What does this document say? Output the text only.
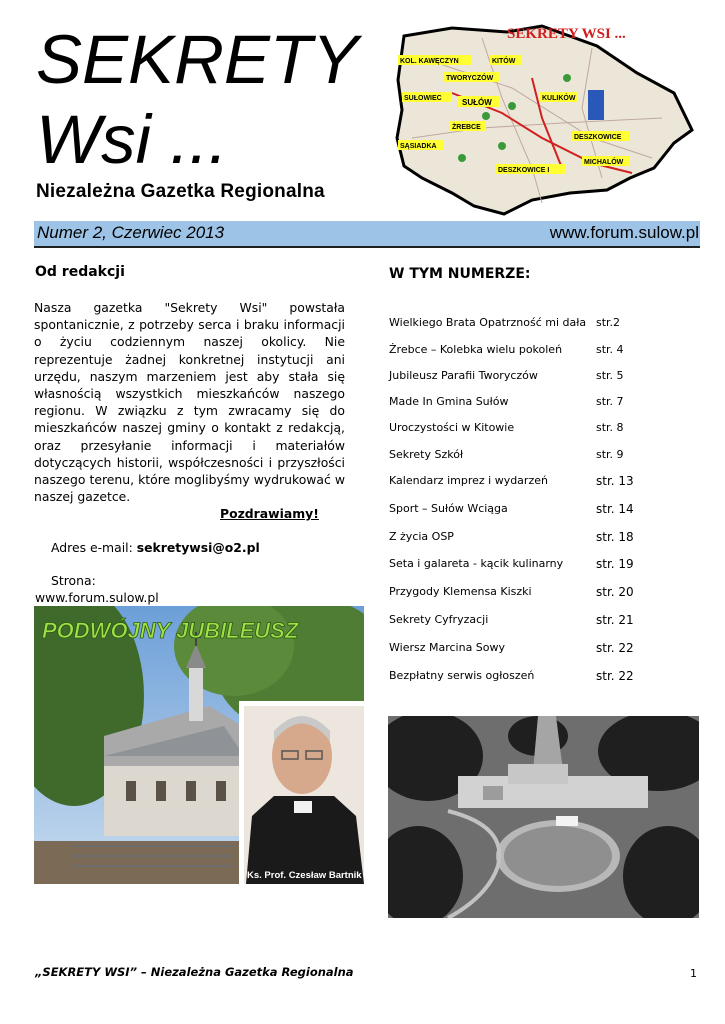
SEKRETY
Wsi ...
Niezależna Gazetka Regionalna
SEKRETY WSI ...
KOL. KAWĘCZYN	KITÓW
TWORYCZÓW
SUŁOWIEC	SUŁÓW	KULIKÓW
ŻREBCE
SĄSIADKA
DESZKOWICE
MICHALÓW
DESZKOWICE I
Numer 2, Czerwiec 2013	www.forum.sulow.pl
Od redakcji
Nasza gazetka "Sekrety Wsi" powstała spontanicznie, z potrzeby serca i braku informacji o życiu codziennym naszej okolicy. Nie reprezentuje żadnej konkretnej instytucji ani urzędu, naszym marzeniem jest aby stała się własnością wszystkich mieszkańców naszego regionu. W związku z tym zwracamy się do mieszkańców naszej gminy o kontakt z redakcją, oraz przesyłanie informacji i materiałów dotyczących historii, współczesności i przyszłości naszego terenu, które moglibyśmy wydrukować w naszej gazetce.
Pozdrawiamy!
Adres e-mail: sekretywsi@o2.pl
Strona:
www.forum.sulow.pl
W TYM NUMERZE:
Wielkiego Brata Opatrzność mi dała str.2
Żrebce – Kolebka wielu pokoleń	str. 4
Jubileusz Parafii Tworyczów	str. 5
Made In Gmina Sułów	str. 7
Uroczystości w Kitowie	str. 8
Sekrety Szkół	str. 9
Kalendarz imprez i wydarzeń	str. 13
Sport – Sułów Wciąga	str. 14
Z życia OSP	str. 18
Seta i galareta - kącik kulinarny	str. 19
Przygody Klemensa Kiszki	str. 20
Sekrety Cyfryzacji	str. 21
Wiersz Marcina Sowy	str. 22
Bezpłatny serwis ogłoszeń	str. 22
PODWÓJNY JUBILEUSZ
Ks. Prof. Czesław Bartnik
„SEKRETY WSI” – Niezależna Gazetka Regionalna	1
